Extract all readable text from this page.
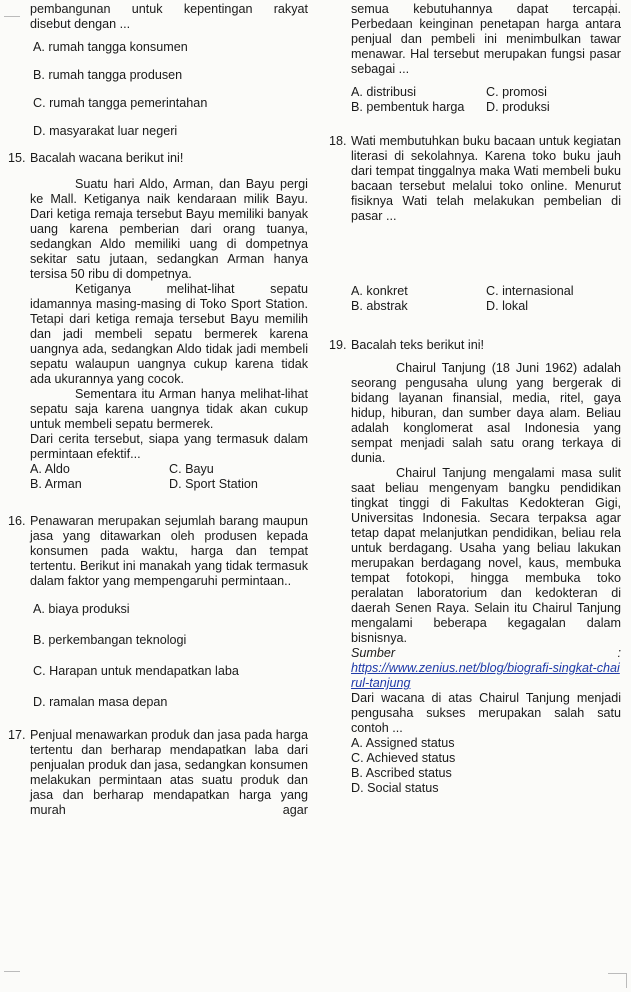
pembangunan untuk kepentingan rakyat
disebut dengan ...
A. rumah tangga konsumen
B. rumah tangga produsen
C. rumah tangga pemerintahan
D. masyarakat luar negeri
15. Bacalah wacana berikut ini!
Suatu hari Aldo, Arman, dan Bayu pergi ke Mall. Ketiganya naik kendaraan milik Bayu. Dari ketiga remaja tersebut Bayu memiliki banyak uang karena pemberian dari orang tuanya, sedangkan Aldo memiliki uang di dompetnya sekitar satu jutaan, sedangkan Arman hanya tersisa 50 ribu di dompetnya.
Ketiganya melihat-lihat sepatu idamannya masing-masing di Toko Sport Station. Tetapi dari ketiga remaja tersebut Bayu memilih dan jadi membeli sepatu bermerek karena uangnya ada, sedangkan Aldo tidak jadi membeli sepatu walaupun uangnya cukup karena tidak ada ukurannya yang cocok.
Sementara itu Arman hanya melihat-lihat sepatu saja karena uangnya tidak akan cukup untuk membeli sepatu bermerek.
Dari cerita tersebut, siapa yang termasuk dalam permintaan efektif...
A. Aldo	C. Bayu
B. Arman	D. Sport Station
16. Penawaran merupakan sejumlah barang maupun jasa yang ditawarkan oleh produsen kepada konsumen pada waktu, harga dan tempat tertentu. Berikut ini manakah yang tidak termasuk dalam faktor yang mempengaruhi permintaan..
A. biaya produksi
B. perkembangan teknologi
C. Harapan untuk mendapatkan laba
D. ramalan masa depan
17. Penjual menawarkan produk dan jasa pada harga tertentu dan berharap mendapatkan laba dari penjualan produk dan jasa, sedangkan konsumen melakukan permintaan atas suatu produk dan jasa dan berharap mendapatkan harga yang murah agar
semua kebutuhannya dapat tercapai. Perbedaan keinginan penetapan harga antara penjual dan pembeli ini menimbulkan tawar menawar. Hal tersebut merupakan fungsi pasar sebagai ...
A. distribusi	C. promosi
B. pembentuk harga	D. produksi
18. Wati membutuhkan buku bacaan untuk kegiatan literasi di sekolahnya. Karena toko buku jauh dari tempat tinggalnya maka Wati membeli buku bacaan tersebut melalui toko online. Menurut fisiknya Wati telah melakukan pembelian di pasar ...
A. konkret	C. internasional
B. abstrak	D. lokal
19. Bacalah teks berikut ini!
Chairul Tanjung (18 Juni 1962) adalah seorang pengusaha ulung yang bergerak di bidang layanan finansial, media, ritel, gaya hidup, hiburan, dan sumber daya alam. Beliau adalah konglomerat asal Indonesia yang sempat menjadi salah satu orang terkaya di dunia.
Chairul Tanjung mengalami masa sulit saat beliau mengenyam bangku pendidikan tingkat tinggi di Fakultas Kedokteran Gigi, Universitas Indonesia. Secara terpaksa agar tetap dapat melanjutkan pendidikan, beliau rela untuk berdagang. Usaha yang beliau lakukan merupakan berdagang novel, kaus, membuka tempat fotokopi, hingga membuka toko peralatan laboratorium dan kedokteran di daerah Senen Raya. Selain itu Chairul Tanjung mengalami beberapa kegagalan dalam bisnisnya.
Sumber	:
https://www.zenius.net/blog/biografi-singkat-chairul-tanjung
Dari wacana di atas Chairul Tanjung menjadi pengusaha sukses merupakan salah satu contoh ...
A. Assigned status
C. Achieved status
B. Ascribed status
D. Social status
